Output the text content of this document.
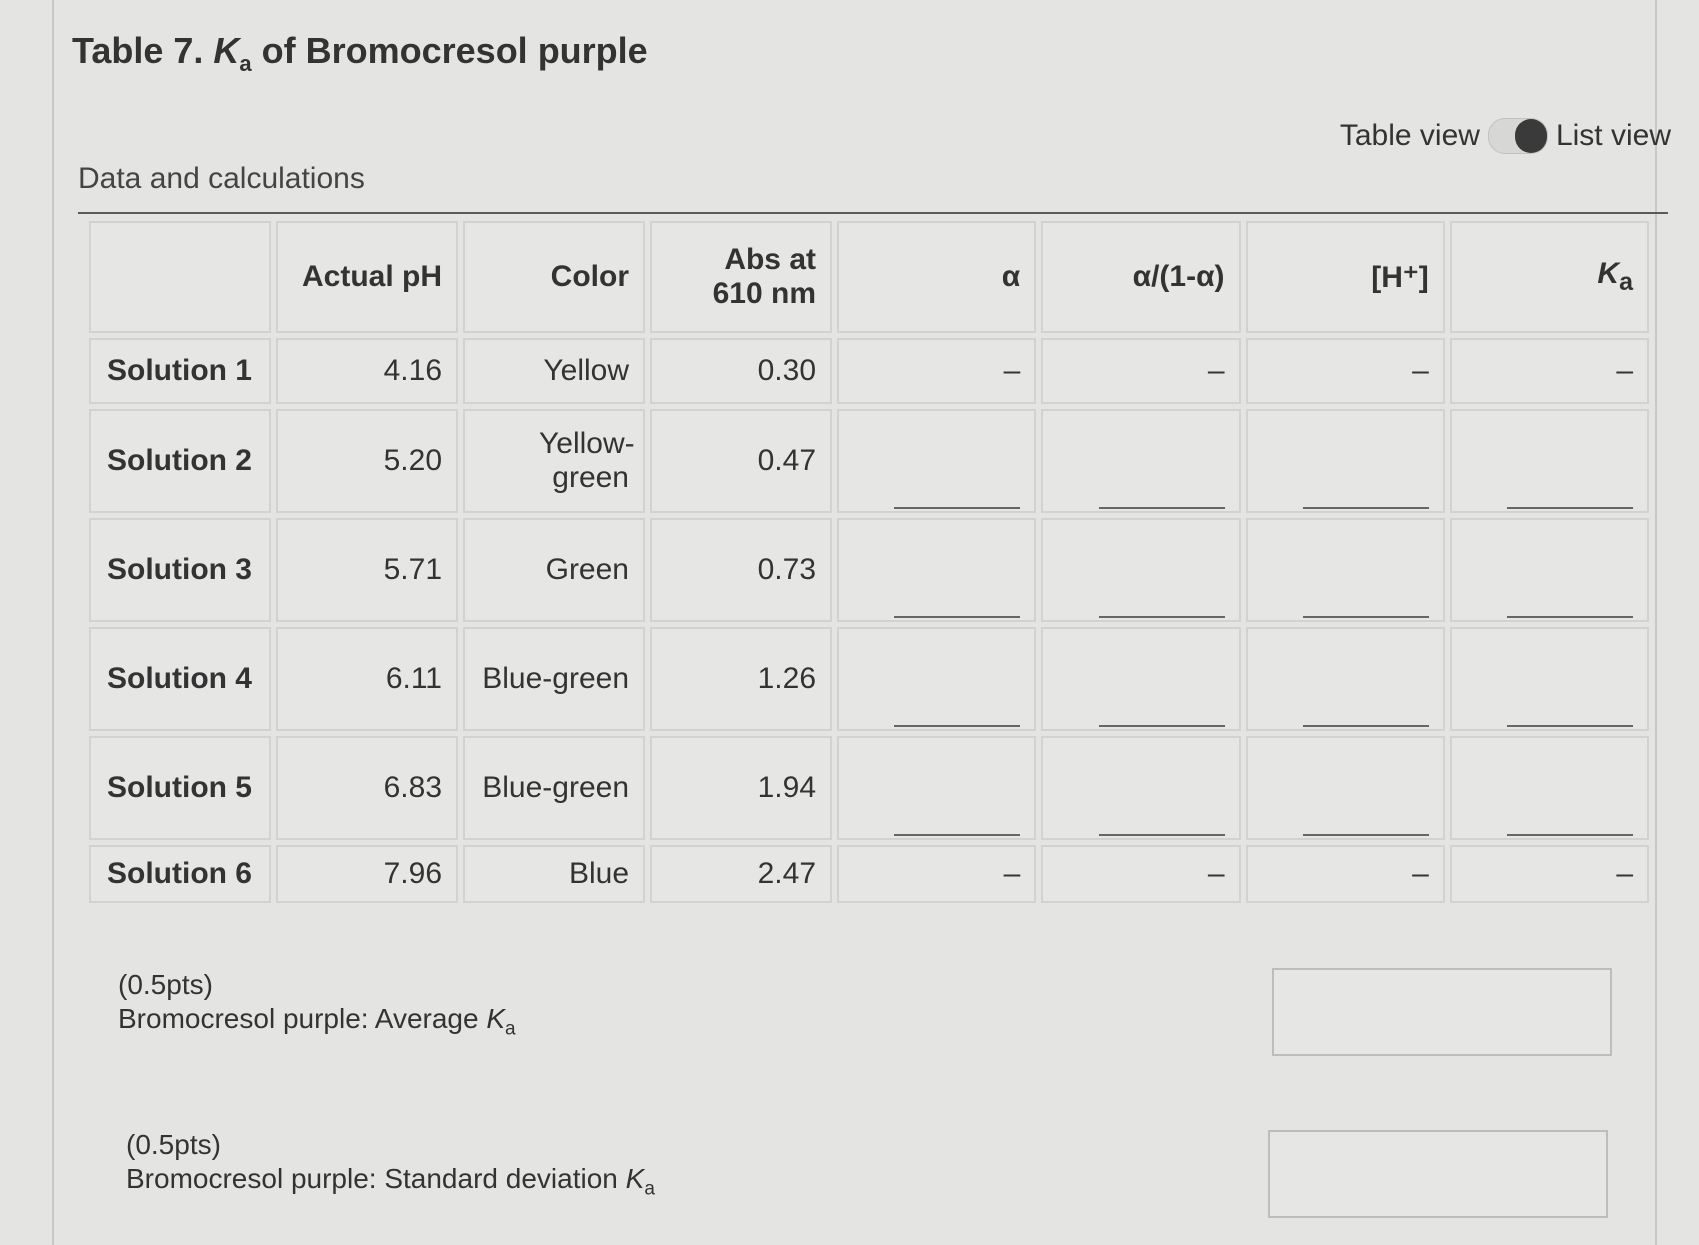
Table 7. $K_a$ of Bromocresol purple
Table view	List view
Data and calculations
	Actual pH	Color	Abs at 610 nm	α	α/(1-α)	[H⁺]	$K_a$
Solution 1	4.16	Yellow	0.30	–	–	–	–
Solution 2	5.20	Yellow-green	0.47				
Solution 3	5.71	Green	0.73				
Solution 4	6.11	Blue-green	1.26				
Solution 5	6.83	Blue-green	1.94				
Solution 6	7.96	Blue	2.47	–	–	–	–
(0.5pts)
Bromocresol purple: Average $K_a$
(0.5pts)
Bromocresol purple: Standard deviation $K_a$
